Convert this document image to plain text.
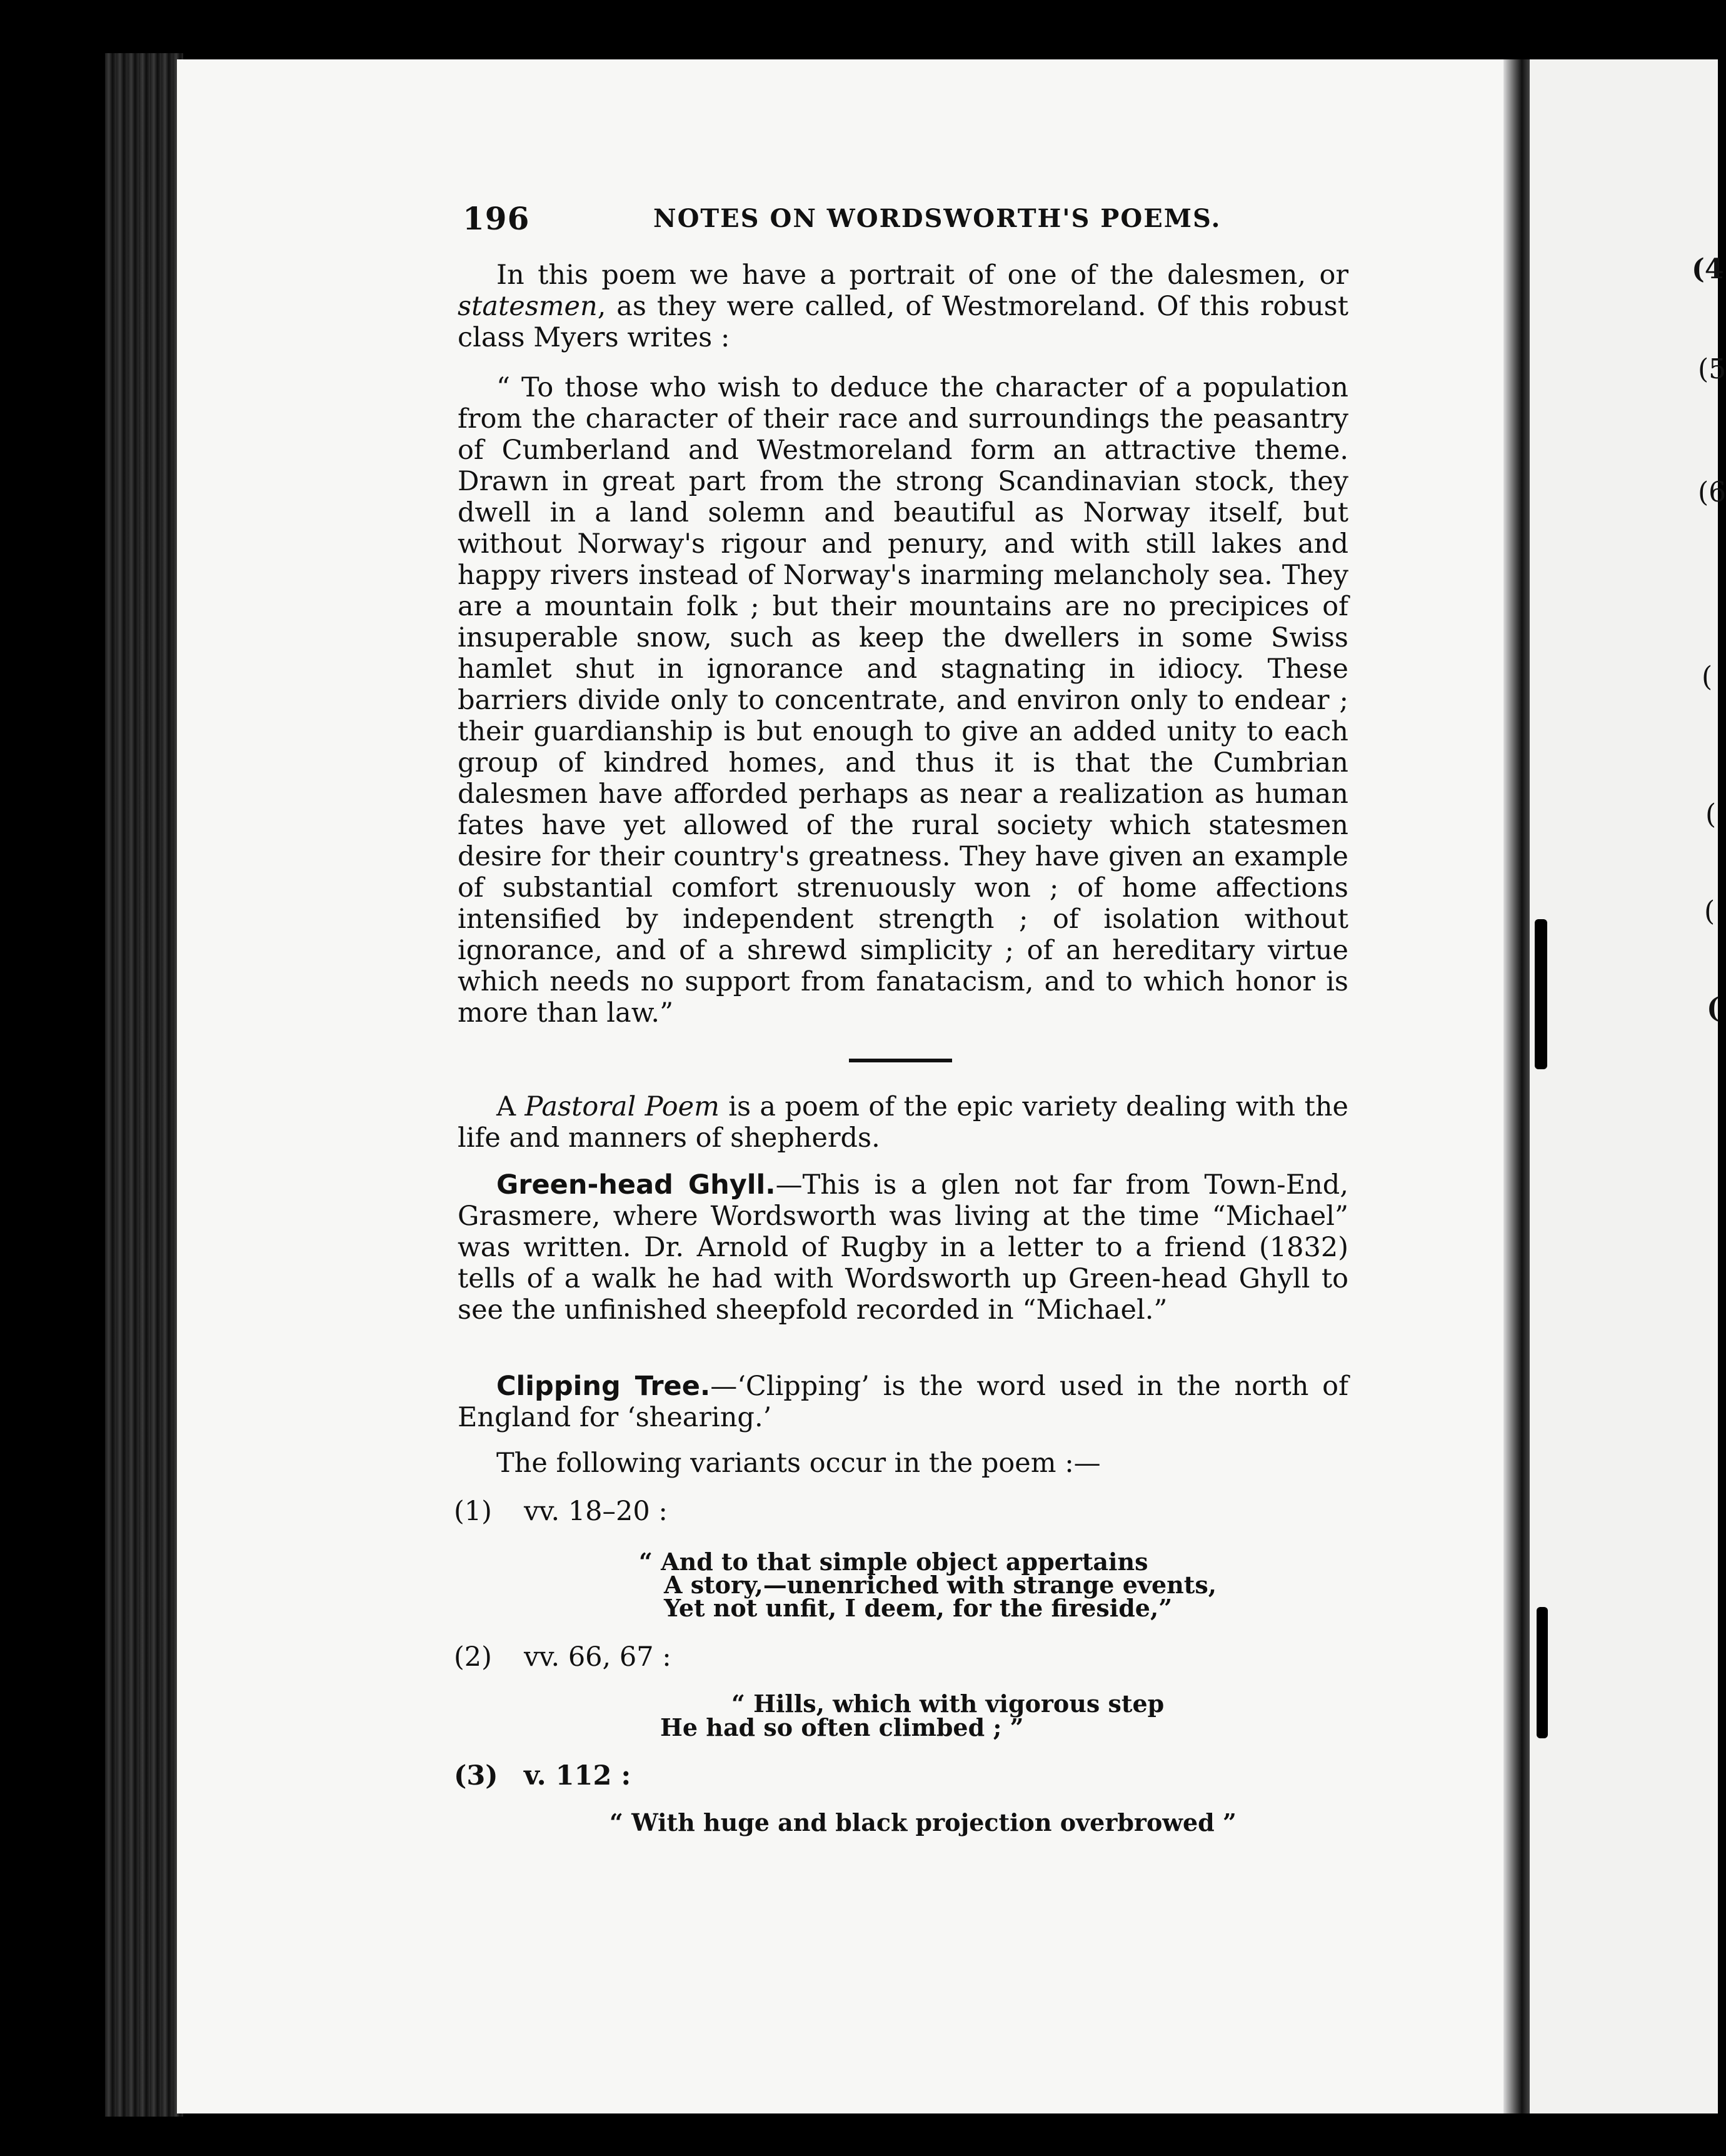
(4
(5
(6
(
(
(
(
196	NOTES ON WORDSWORTH'S POEMS.

In this poem we have a portrait of one of the dalesmen, or statesmen, as they were called, of Westmoreland. Of this robust class Myers writes :

“ To those who wish to deduce the character of a population from the character of their race and surroundings the peasantry of Cumberland and Westmoreland form an attractive theme. Drawn in great part from the strong Scandinavian stock, they dwell in a land solemn and beautiful as Norway itself, but without Norway's rigour and penury, and with still lakes and happy rivers instead of Norway's inarming melancholy sea. They are a mountain folk ; but their mountains are no precipices of insuperable snow, such as keep the dwellers in some Swiss hamlet shut in ignorance and stagnating in idiocy. These barriers divide only to concentrate, and environ only to endear ; their guardianship is but enough to give an added unity to each group of kindred homes, and thus it is that the Cumbrian dalesmen have afforded perhaps as near a realization as human fates have yet allowed of the rural society which statesmen desire for their country's greatness. They have given an example of substantial comfort strenuously won ; of home affections intensified by independent strength ; of isolation without ignorance, and of a shrewd simplicity ; of an hereditary virtue which needs no support from fanatacism, and to which honor is more than law.”

A Pastoral Poem is a poem of the epic variety dealing with the life and manners of shepherds.

Green-head Ghyll.—This is a glen not far from Town-End, Grasmere, where Wordsworth was living at the time “Michael” was written. Dr. Arnold of Rugby in a letter to a friend (1832) tells of a walk he had with Wordsworth up Green-head Ghyll to see the unfinished sheepfold recorded in “Michael.”

Clipping Tree.—‘Clipping’ is the word used in the north of England for ‘shearing.’

The following variants occur in the poem :—

(1) vv. 18–20 :
“ And to that simple object appertains
A story,—unenriched with strange events,
Yet not unfit, I deem, for the fireside,”
(2) vv. 66, 67 :
“ Hills, which with vigorous step
He had so often climbed ; ”
(3) v. 112 :
“ With huge and black projection overbrowed ”
